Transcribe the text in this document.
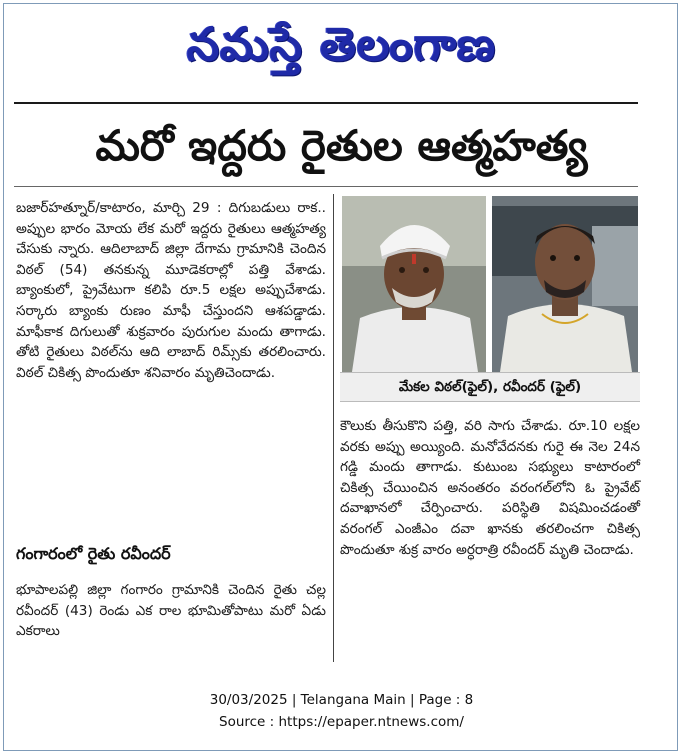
నమస్తే తెలంగాణ
మరో ఇద్దరు రైతుల ఆత్మహత్య

బజార్‌హత్నూర్/కాటారం, మార్చి 29 : దిగుబడులు రాక.. అప్పుల భారం మోయ లేక మరో ఇద్దరు రైతులు ఆత్మహత్య చేసుకు న్నారు. ఆదిలాబాద్ జిల్లా దేగామ గ్రామానికి చెందిన విఠల్ (54) తనకున్న మూడెకరాల్లో పత్తి వేశాడు. బ్యాంకులో, ప్రైవేటుగా కలిపి రూ.5 లక్షల అప్పుచేశాడు. సర్కారు బ్యాంకు రుణం మాఫీ చేస్తుందని ఆశపడ్డాడు. మాఫీకాక దిగులుతో శుక్రవారం పురుగుల మందు తాగాడు. తోటి రైతులు విఠల్‌ను ఆది లాబాద్ రిమ్స్‌కు తరలించారు. విఠల్ చికిత్స పొందుతూ శనివారం మృతిచెందాడు.

గంగారంలో రైతు రవీందర్

భూపాలపల్లి జిల్లా గంగారం గ్రామానికి చెందిన రైతు చల్ల రవీందర్ (43) రెండు ఎక రాల భూమితోపాటు మరో ఏడు ఎకరాలు

మేకల విఠల్(ఫైల్), రవీందర్ (ఫైల్)

కౌలుకు తీసుకొని పత్తి, వరి సాగు చేశాడు. రూ.10 లక్షల వరకు అప్పు అయ్యింది. మనోవేదనకు గురై ఈ నెల 24న గడ్డి మందు తాగాడు. కుటుంబ సభ్యులు కాటారంలో చికిత్స చేయించిన అనంతరం వరంగల్‌లోని ఓ ప్రైవేట్ దవాఖానలో చేర్పించారు. పరిస్థితి విషమించడంతో వరంగల్ ఎంజీఎం దవా ఖానకు తరలించగా చికిత్స పొందుతూ శుక్ర వారం అర్ధరాత్రి రవీందర్ మృతి చెందాడు.

30/03/2025 | Telangana Main | Page : 8
Source : https://epaper.ntnews.com/
